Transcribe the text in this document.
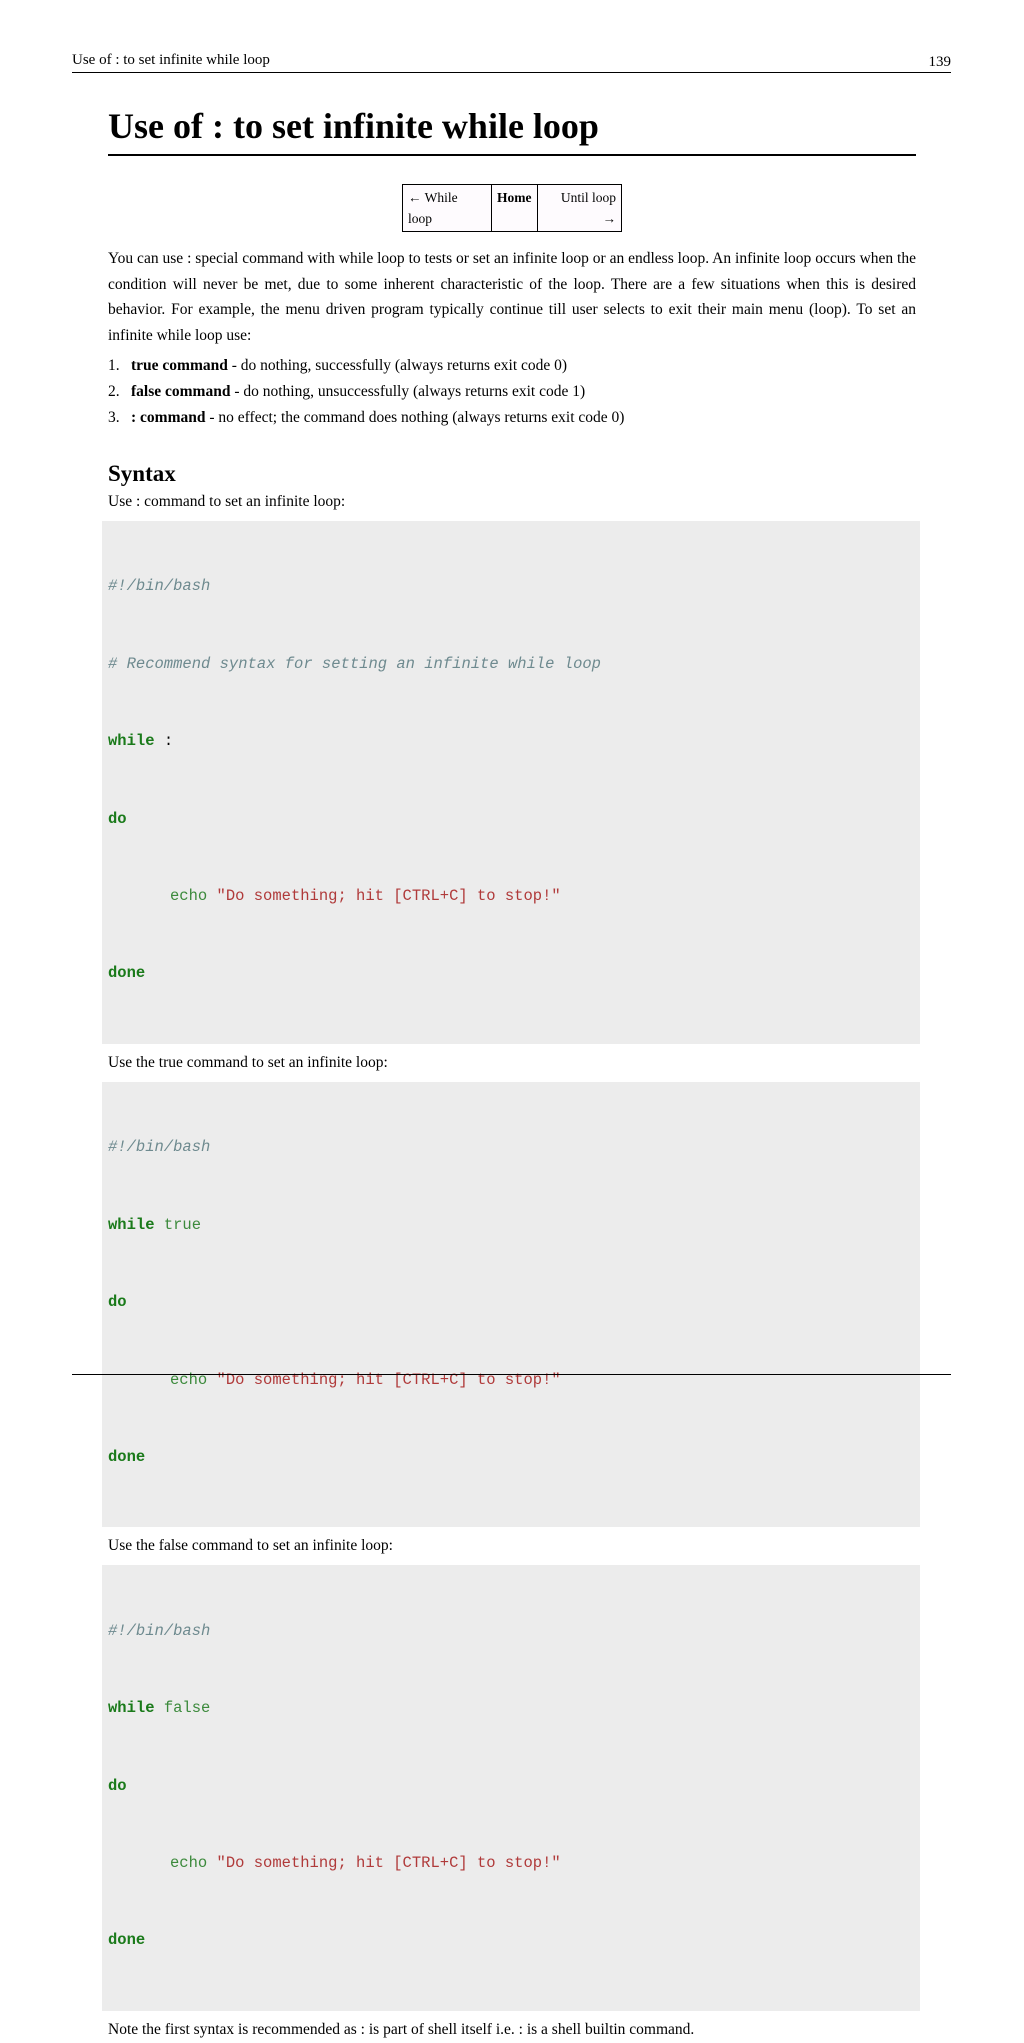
Use of : to set infinite while loop	139
Use of : to set infinite while loop
← While
loop	Home	Until loop
→

You can use : special command with while loop to tests or set an infinite loop or an endless loop. An infinite loop occurs when the condition will never be met, due to some inherent characteristic of the loop. There are a few situations when this is desired behavior. For example, the menu driven program typically continue till user selects to exit their main menu (loop). To set an infinite while loop use:

1. true command - do nothing, successfully (always returns exit code 0)
2. false command - do nothing, unsuccessfully (always returns exit code 1)
3. : command - no effect; the command does nothing (always returns exit code 0)
Syntax

Use : command to set an infinite loop:

#!/bin/bash

# Recommend syntax for setting an infinite while loop

while :

do

echo "Do something; hit [CTRL+C] to stop!"

done

Use the true command to set an infinite loop:

#!/bin/bash

while true

do

echo "Do something; hit [CTRL+C] to stop!"

done

Use the false command to set an infinite loop:

#!/bin/bash

while false

do

echo "Do something; hit [CTRL+C] to stop!"

done

Note the first syntax is recommended as : is part of shell itself i.e. : is a shell builtin command.
